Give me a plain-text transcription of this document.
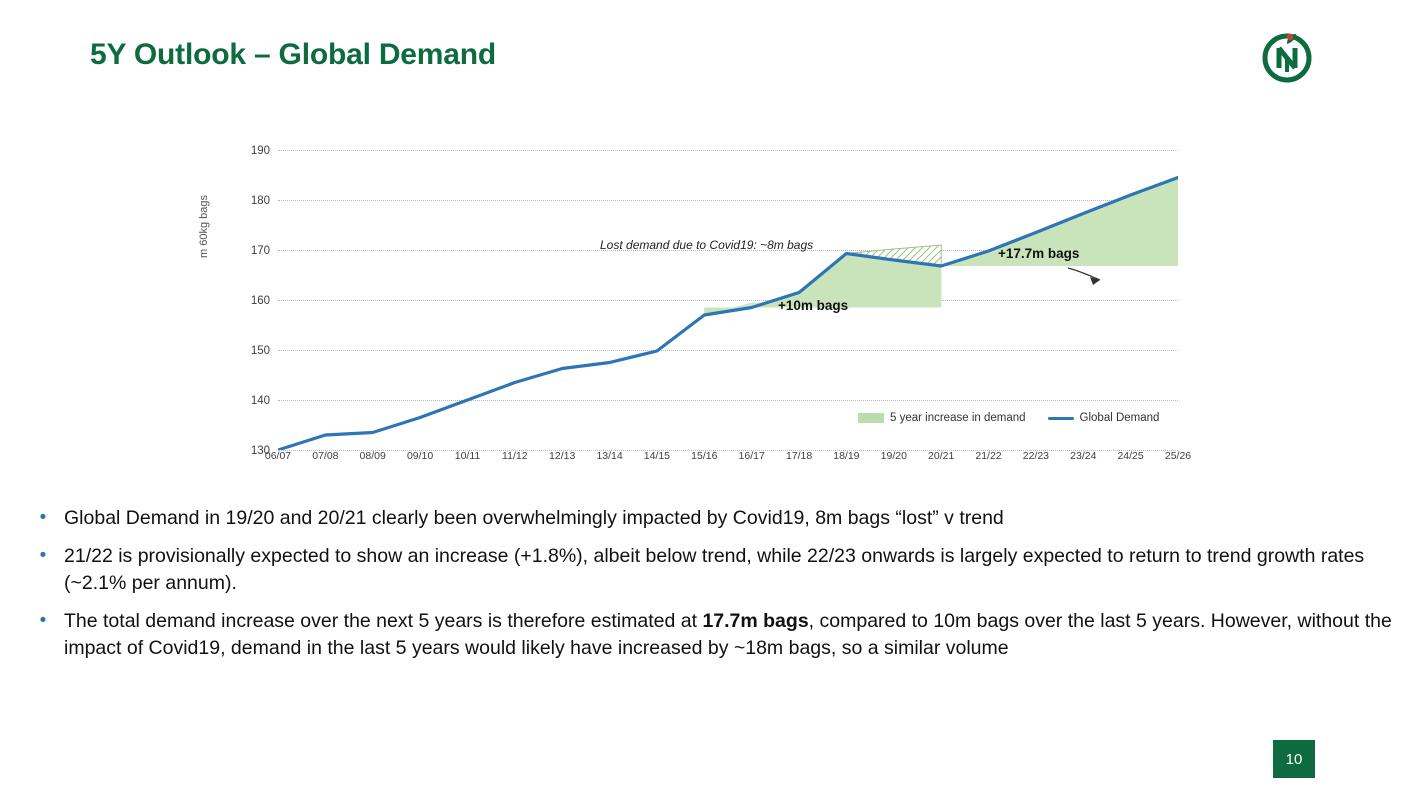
5Y Outlook – Global Demand
m 60kg bags
190
180
170
160
150
140
130
Lost demand due to Covid19: ~8m bags
+10m bags
+17.7m bags
5 year increase in demand	Global Demand
06/07 07/08 08/09 09/10 10/11 11/12 12/13 13/14 14/15 15/16 16/17 17/18 18/19 19/20 20/21 21/22 22/23 23/24 24/25 25/26
• Global Demand in 19/20 and 20/21 clearly been overwhelmingly impacted by Covid19, 8m bags “lost” v trend
• 21/22 is provisionally expected to show an increase (+1.8%), albeit below trend, while 22/23 onwards is largely expected to return to trend growth rates (~2.1% per annum).
• The total demand increase over the next 5 years is therefore estimated at 17.7m bags, compared to 10m bags over the last 5 years. However, without the impact of Covid19, demand in the last 5 years would likely have increased by ~18m bags, so a similar volume
10
